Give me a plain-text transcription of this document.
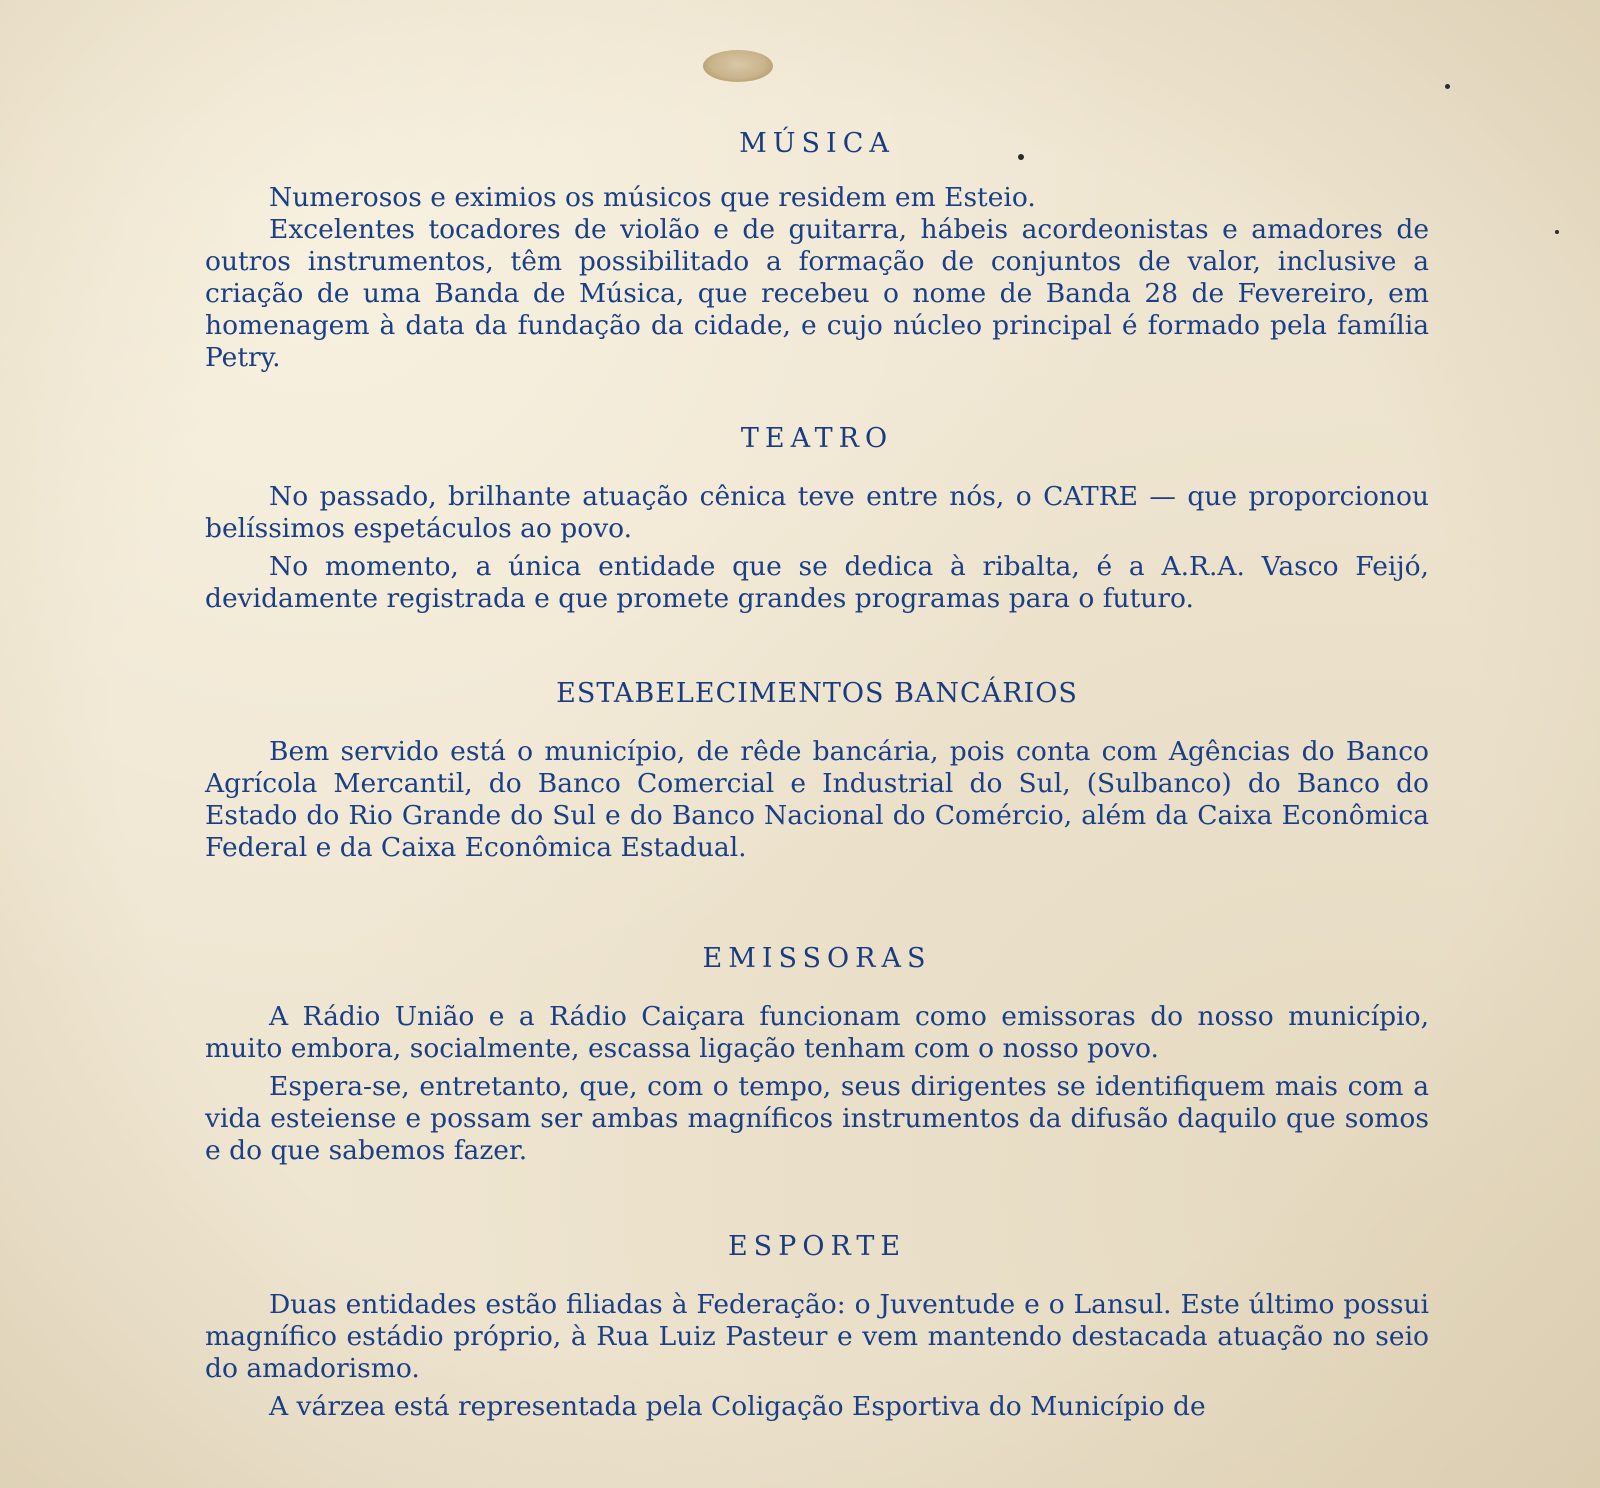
MÚSICA

Numerosos e eximios os músicos que residem em Esteio.

Excelentes tocadores de violão e de guitarra, hábeis acordeonistas e amadores de outros instrumentos, têm possibilitado a formação de conjuntos de valor, inclusive a criação de uma Banda de Música, que recebeu o nome de Banda 28 de Fevereiro, em homenagem à data da fundação da cidade, e cujo núcleo principal é formado pela família Petry.

TEATRO

No passado, brilhante atuação cênica teve entre nós, o CATRE — que proporcionou belíssimos espetáculos ao povo.

No momento, a única entidade que se dedica à ribalta, é a A.R.A. Vasco Feijó, devidamente registrada e que promete grandes programas para o futuro.

ESTABELECIMENTOS BANCÁRIOS

Bem servido está o município, de rêde bancária, pois conta com Agências do Banco Agrícola Mercantil, do Banco Comercial e Industrial do Sul, (Sulbanco) do Banco do Estado do Rio Grande do Sul e do Banco Nacional do Comércio, além da Caixa Econômica Federal e da Caixa Econômica Estadual.

EMISSORAS

A Rádio União e a Rádio Caiçara funcionam como emissoras do nosso município, muito embora, socialmente, escassa ligação tenham com o nosso povo.

Espera-se, entretanto, que, com o tempo, seus dirigentes se identifiquem mais com a vida esteiense e possam ser ambas magníficos instrumentos da difusão daquilo que somos e do que sabemos fazer.

ESPORTE

Duas entidades estão filiadas à Federação: o Juventude e o Lansul. Este último possui magnífico estádio próprio, à Rua Luiz Pasteur e vem mantendo destacada atuação no seio do amadorismo.

A várzea está representada pela Coligação Esportiva do Município de
